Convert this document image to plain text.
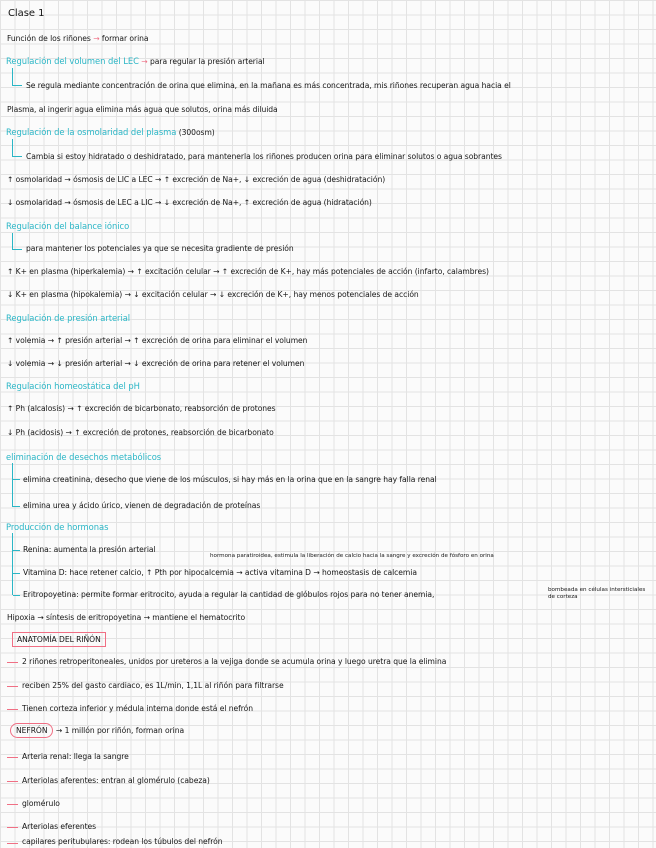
Clase 1
Función de los riñones → formar orina
Regulación del volumen del LEC → para regular la presión arterial
Se regula mediante concentración de orina que elimina, en la mañana es más concentrada, mis riñones recuperan agua hacia el
Plasma, al ingerir agua elimina más agua que solutos, orina más diluida
Regulación de la osmolaridad del plasma (300osm)
Cambia si estoy hidratado o deshidratado, para mantenerla los riñones producen orina para eliminar solutos o agua sobrantes
↑ osmolaridad → ósmosis de LIC a LEC → ↑ excreción de Na+, ↓ excreción de agua (deshidratación)
↓ osmolaridad → ósmosis de LEC a LIC → ↓ excreción de Na+, ↑ excreción de agua (hidratación)
Regulación del balance iónico
para mantener los potenciales ya que se necesita gradiente de presión
↑ K+ en plasma (hiperkalemia) → ↑ excitación celular → ↑ excreción de K+, hay más potenciales de acción (infarto, calambres)
↓ K+ en plasma (hipokalemia) → ↓ excitación celular → ↓ excreción de K+, hay menos potenciales de acción
Regulación de presión arterial
↑ volemia → ↑ presión arterial → ↑ excreción de orina para eliminar el volumen
↓ volemia → ↓ presión arterial → ↓ excreción de orina para retener el volumen
Regulación homeostática del pH
↑ Ph (alcalosis) → ↑ excreción de bicarbonato, reabsorción de protones
↓ Ph (acidosis) → ↑ excreción de protones, reabsorción de bicarbonato
eliminación de desechos metabólicos
elimina creatinina, desecho que viene de los músculos, si hay más en la orina que en la sangre hay falla renal
elimina urea y ácido úrico, vienen de degradación de proteínas
Producción de hormonas
Renina: aumenta la presión arterial
hormona paratiroidea, estimula la liberación de calcio hacia la sangre y excreción de fósforo en orina
Vitamina D: hace retener calcio, ↑ Pth por hipocalcemia → activa vitamina D → homeostasis de calcemia
Eritropoyetina: permite formar eritrocito, ayuda a regular la cantidad de glóbulos rojos para no tener anemia,	bombeada en células intersticiales de corteza
Hipoxia → síntesis de eritropoyetina → mantiene el hematocrito
ANATOMÍA DEL RIÑÓN
2 riñones retroperitoneales, unidos por ureteros a la vejiga donde se acumula orina y luego uretra que la elimina
reciben 25% del gasto cardiaco, es 1L/min, 1,1L al riñón para filtrarse
Tienen corteza inferior y médula interna donde está el nefrón
NEFRÓN → 1 millón por riñón, forman orina
Arteria renal: llega la sangre
Arteriolas aferentes: entran al glomérulo (cabeza)
glomérulo
Arteriolas eferentes
capilares peritubulares: rodean los túbulos del nefrón
